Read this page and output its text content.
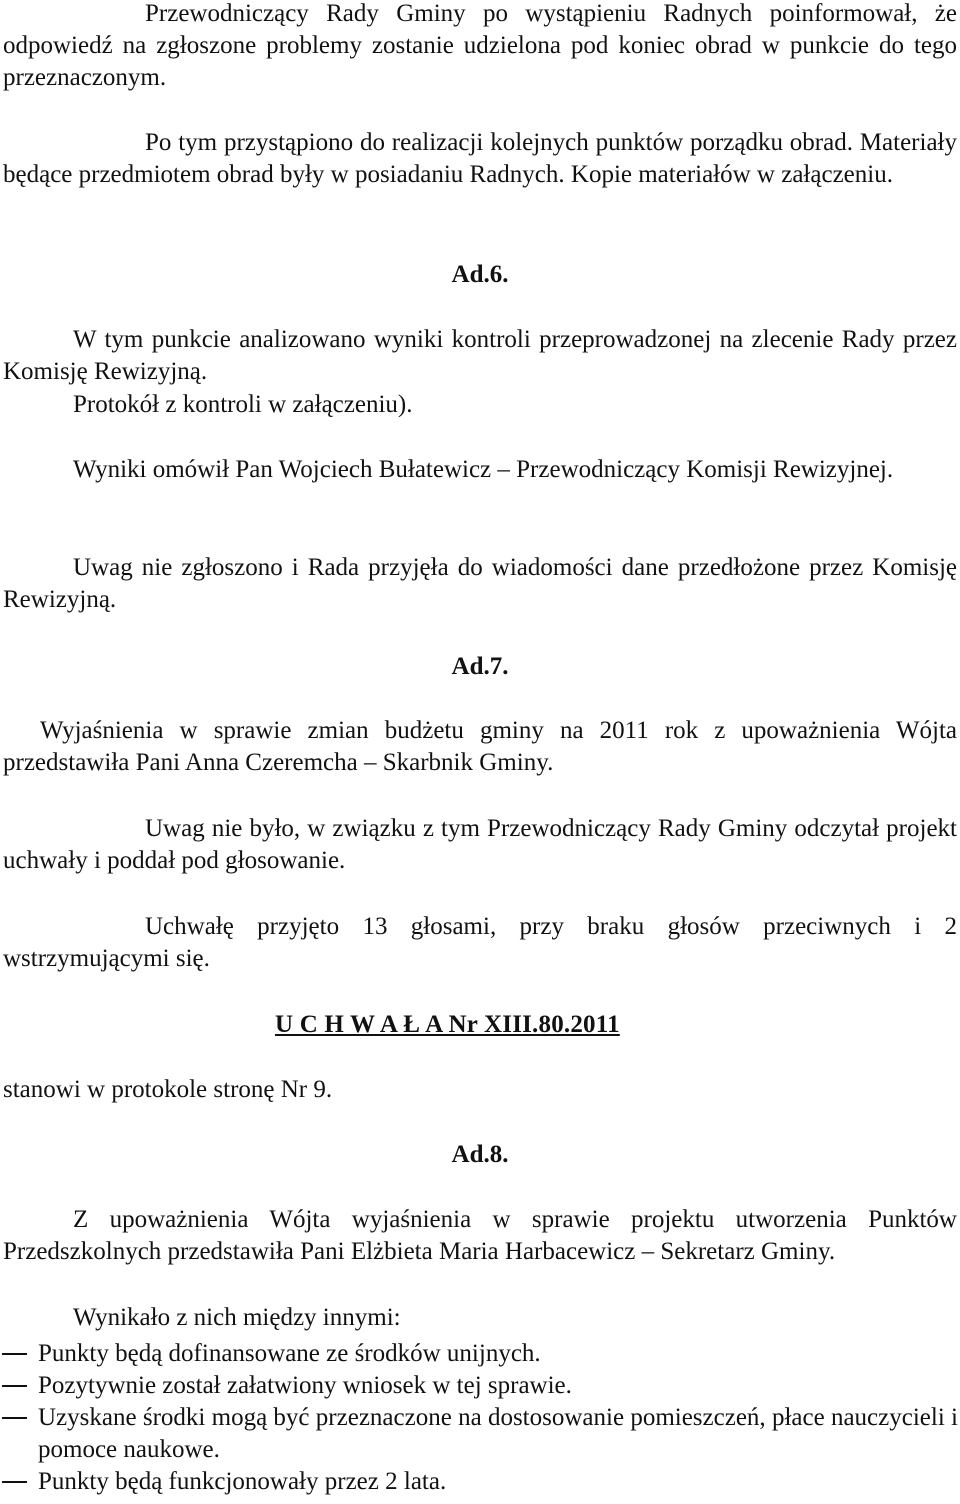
Przewodniczący Rady Gminy po wystąpieniu Radnych poinformował, że odpowiedź na zgłoszone problemy zostanie udzielona pod koniec obrad w punkcie do tego przeznaczonym.

Po tym przystąpiono do realizacji kolejnych punktów porządku obrad. Materiały będące przedmiotem obrad były w posiadaniu Radnych. Kopie materiałów w załączeniu.

Ad.6.

W tym punkcie analizowano wyniki kontroli przeprowadzonej na zlecenie Rady przez Komisję Rewizyjną.

Protokół z kontroli w załączeniu).

Wyniki omówił Pan Wojciech Bułatewicz – Przewodniczący Komisji Rewizyjnej.

Uwag nie zgłoszono i Rada przyjęła do wiadomości dane przedłożone przez Komisję Rewizyjną.

Ad.7.

Wyjaśnienia w sprawie zmian budżetu gminy na 2011 rok z upoważnienia Wójta przedstawiła Pani Anna Czeremcha – Skarbnik Gminy.

Uwag nie było, w związku z tym Przewodniczący Rady Gminy odczytał projekt uchwały i poddał pod głosowanie.

Uchwałę przyjęto 13 głosami, przy braku głosów przeciwnych i 2 wstrzymującymi się.

U C H W A Ł A Nr XIII.80.2011

stanowi w protokole stronę Nr 9.

Ad.8.

Z upoważnienia Wójta wyjaśnienia w sprawie projektu utworzenia Punktów Przedszkolnych przedstawiła Pani Elżbieta Maria Harbacewicz – Sekretarz Gminy.

Wynikało z nich między innymi:

Punkty będą dofinansowane ze środków unijnych.
Pozytywnie został załatwiony wniosek w tej sprawie.
Uzyskane środki mogą być przeznaczone na dostosowanie pomieszczeń, płace nauczycieli i pomoce naukowe.
Punkty będą funkcjonowały przez 2 lata.
